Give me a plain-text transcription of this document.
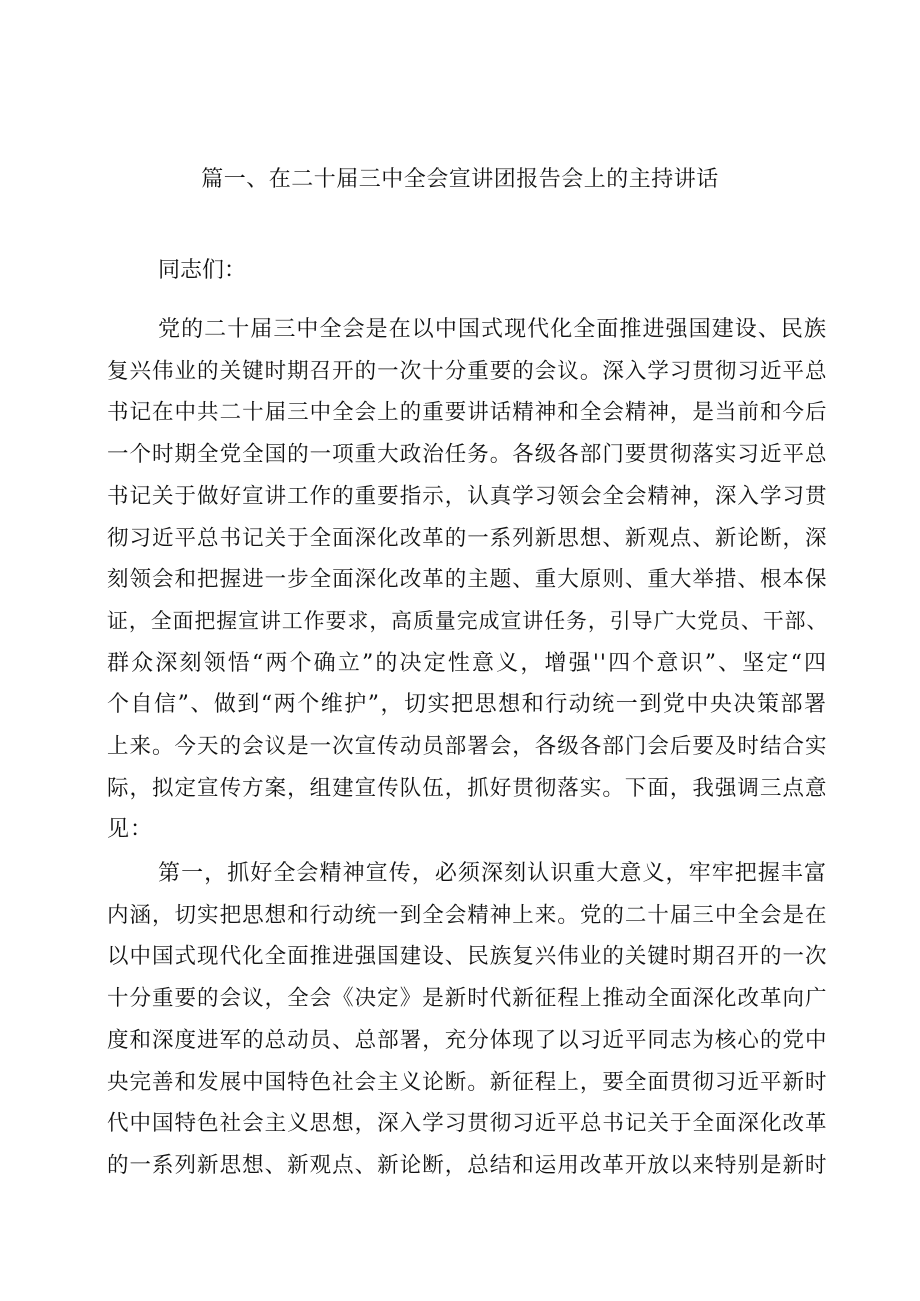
篇一、在二十届三中全会宣讲团报告会上的主持讲话
同志们：
党的二十届三中全会是在以中国式现代化全面推进强国建设、民族
复兴伟业的关键时期召开的一次十分重要的会议。深入学习贯彻习近平总
书记在中共二十届三中全会上的重要讲话精神和全会精神，是当前和今后
一个时期全党全国的一项重大政治任务。各级各部门要贯彻落实习近平总
书记关于做好宣讲工作的重要指示，认真学习领会全会精神，深入学习贯
彻习近平总书记关于全面深化改革的一系列新思想、新观点、新论断，深
刻领会和把握进一步全面深化改革的主题、重大原则、重大举措、根本保
证，全面把握宣讲工作要求，高质量完成宣讲任务，引导广大党员、干部、
群众深刻领悟“两个确立”的决定性意义，增强''四个意识”、坚定“四
个自信”、做到“两个维护”，切实把思想和行动统一到党中央决策部署
上来。今天的会议是一次宣传动员部署会，各级各部门会后要及时结合实
际，拟定宣传方案，组建宣传队伍，抓好贯彻落实。下面，我强调三点意
见：
第一，抓好全会精神宣传，必须深刻认识重大意义，牢牢把握丰富
内涵，切实把思想和行动统一到全会精神上来。党的二十届三中全会是在
以中国式现代化全面推进强国建设、民族复兴伟业的关键时期召开的一次
十分重要的会议，全会《决定》是新时代新征程上推动全面深化改革向广
度和深度进军的总动员、总部署，充分体现了以习近平同志为核心的党中
央完善和发展中国特色社会主义论断。新征程上，要全面贯彻习近平新时
代中国特色社会主义思想，深入学习贯彻习近平总书记关于全面深化改革
的一系列新思想、新观点、新论断，总结和运用改革开放以来特别是新时
